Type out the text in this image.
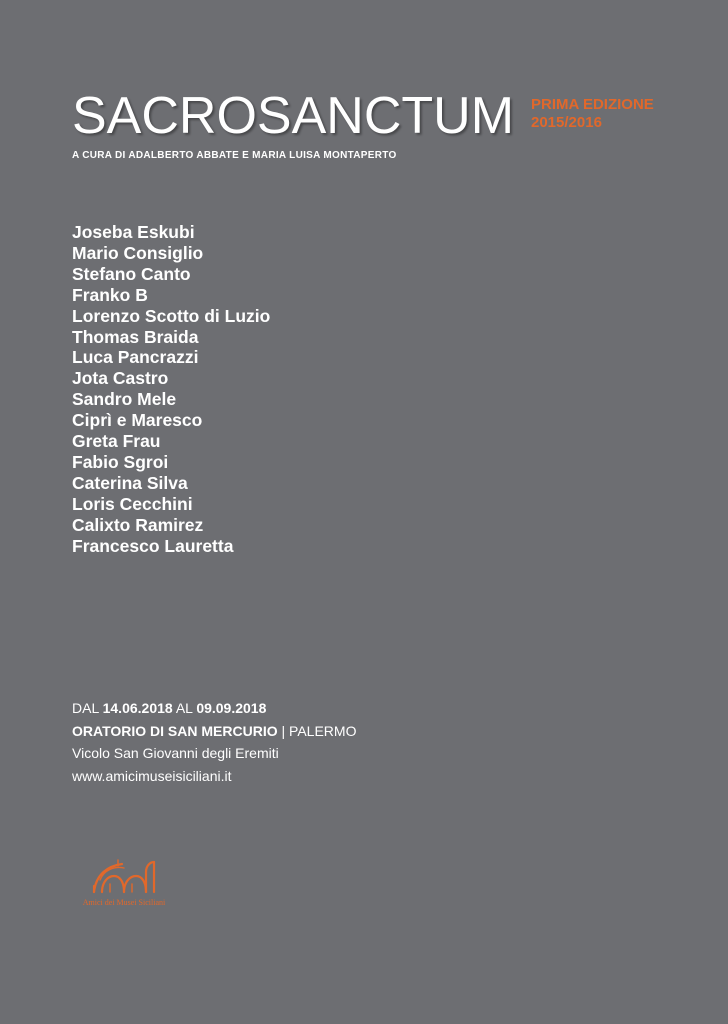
SACROSANCTUM PRIMA EDIZIONE
2015/2016
A CURA DI ADALBERTO ABBATE E MARIA LUISA MONTAPERTO
Joseba Eskubi
Mario Consiglio
Stefano Canto
Franko B
Lorenzo Scotto di Luzio
Thomas Braida
Luca Pancrazzi
Jota Castro
Sandro Mele
Ciprì e Maresco
Greta Frau
Fabio Sgroi
Caterina Silva
Loris Cecchini
Calixto Ramirez
Francesco Lauretta
DAL 14.06.2018 AL 09.09.2018
ORATORIO DI SAN MERCURIO | PALERMO
Vicolo San Giovanni degli Eremiti
www.amicimuseisiciliani.it
Amici dei Musei Siciliani
